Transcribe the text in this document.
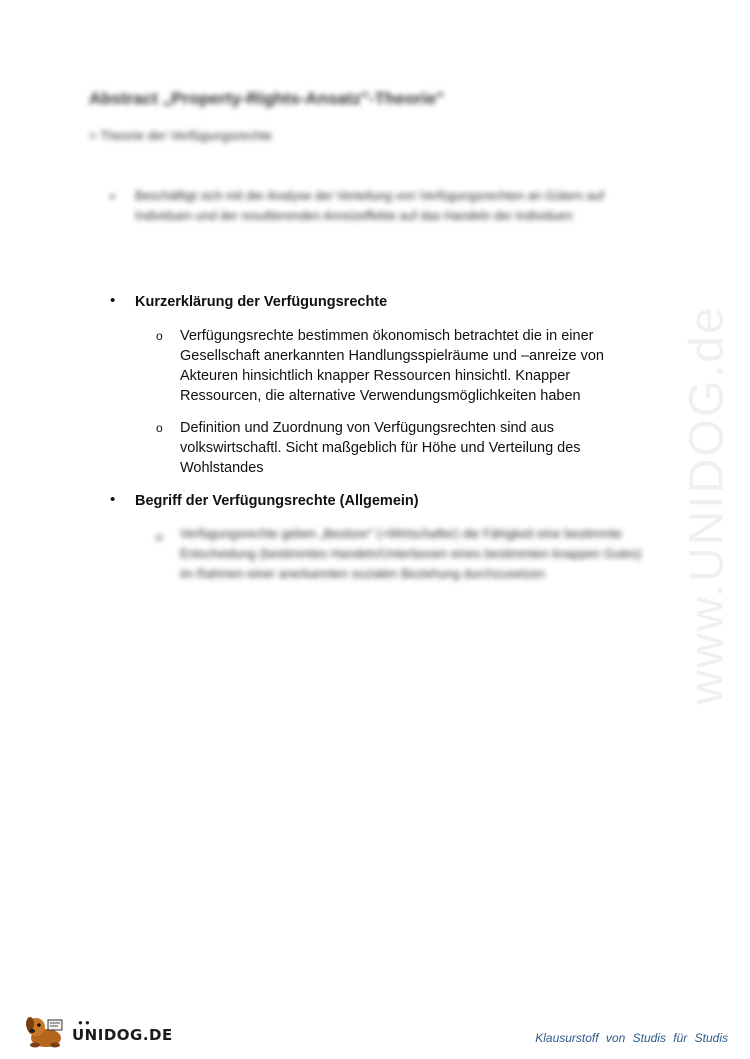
www.UNIDOG.de
Abstract „Property-Rights-Ansatz"-Theorie"
= Theorie der Verfügungsrechte
• Beschäftigt sich mit der Analyse der Verteilung von Verfügungsrechten an Gütern auf Individuen und der resultierenden Anreizeffekte auf das Handeln der Individuen
• Kurzerklärung der Verfügungsrechte
o Verfügungsrechte bestimmen ökonomisch betrachtet die in einer Gesellschaft anerkannten Handlungsspielräume und –anreize von Akteuren hinsichtlich knapper Ressourcen hinsichtl. Knapper Ressourcen, die alternative Verwendungsmöglichkeiten haben
o Definition und Zuordnung von Verfügungsrechten sind aus volkswirtschaftl. Sicht maßgeblich für Höhe und Verteilung des Wohlstandes
• Begriff der Verfügungsrechte (Allgemein)
o Verfügungsrechte geben „Besitzer" (=Wirtschafter) die Fähigkeit eine bestimmte Entscheidung (bestimmtes Handeln/Unterlassen eines bestimmten knappen Gutes) im Rahmen einer anerkannten sozialen Beziehung durchzusetzen
UNIDOG.DE
● ●
Klausurstoff von Studis für Studis
